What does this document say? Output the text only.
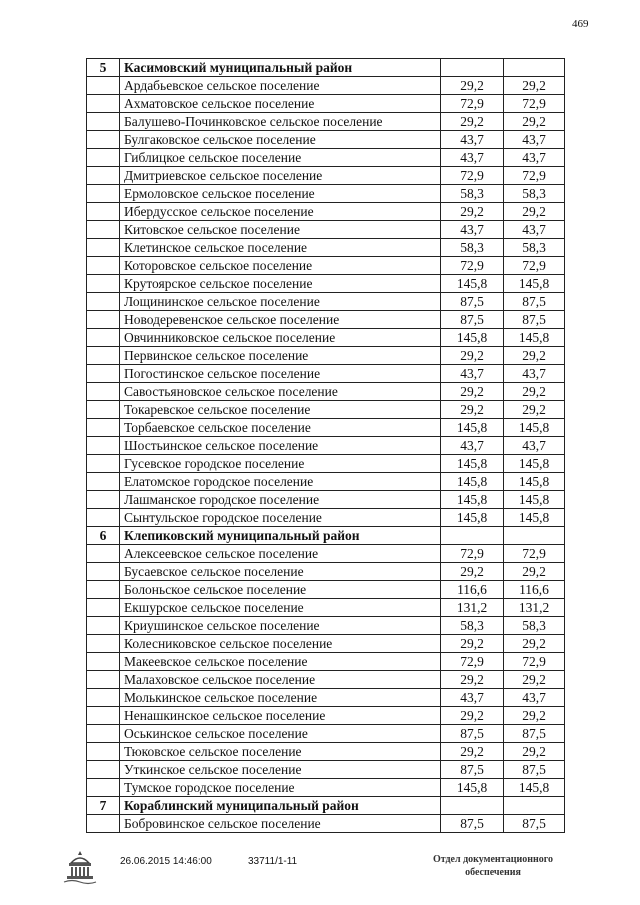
469
5	Касимовский муниципальный район		
	Ардабьевское сельское поселение	29,2	29,2
	Ахматовское сельское поселение	72,9	72,9
	Балушево-Починковское сельское поселение	29,2	29,2
	Булгаковское сельское поселение	43,7	43,7
	Гиблицкое сельское поселение	43,7	43,7
	Дмитриевское сельское поселение	72,9	72,9
	Ермоловское сельское поселение	58,3	58,3
	Ибердусское сельское поселение	29,2	29,2
	Китовское сельское поселение	43,7	43,7
	Клетинское сельское поселение	58,3	58,3
	Которовское сельское поселение	72,9	72,9
	Крутоярское сельское поселение	145,8	145,8
	Лощининское сельское поселение	87,5	87,5
	Новодеревенское сельское поселение	87,5	87,5
	Овчинниковское сельское поселение	145,8	145,8
	Первинское сельское поселение	29,2	29,2
	Погостинское сельское поселение	43,7	43,7
	Савостьяновское сельское поселение	29,2	29,2
	Токаревское сельское поселение	29,2	29,2
	Торбаевское сельское поселение	145,8	145,8
	Шостьинское сельское поселение	43,7	43,7
	Гусевское городское поселение	145,8	145,8
	Елатомское городское поселение	145,8	145,8
	Лашманское городское поселение	145,8	145,8
	Сынтульское городское поселение	145,8	145,8
6	Клепиковский муниципальный район		
	Алексеевское сельское поселение	72,9	72,9
	Бусаевское сельское поселение	29,2	29,2
	Болоньское сельское поселение	116,6	116,6
	Екшурское сельское поселение	131,2	131,2
	Криушинское сельское поселение	58,3	58,3
	Колесниковское сельское поселение	29,2	29,2
	Макеевское сельское поселение	72,9	72,9
	Малаховское сельское поселение	29,2	29,2
	Молькинское сельское поселение	43,7	43,7
	Ненашкинское сельское поселение	29,2	29,2
	Оськинское сельское поселение	87,5	87,5
	Тюковское сельское поселение	29,2	29,2
	Уткинское сельское поселение	87,5	87,5
	Тумское городское поселение	145,8	145,8
7	Кораблинский муниципальный район		
	Бобровинское сельское поселение	87,5	87,5
26.06.2015 14:46:00	33711/1-11	Отдел документационного
обеспечения
